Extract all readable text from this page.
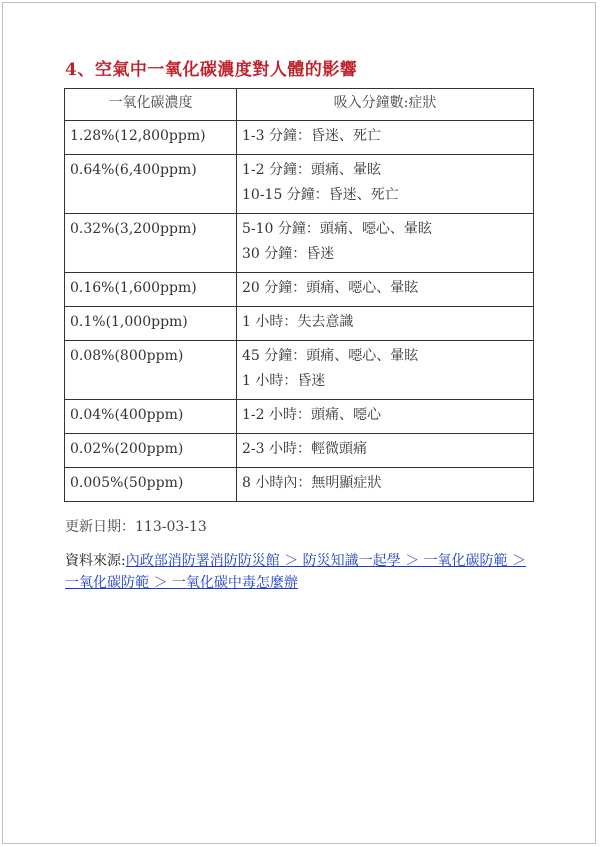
4、空氣中一氧化碳濃度對人體的影響
一氧化碳濃度	吸入分鐘數:症狀
1.28%(12,800ppm)	1-3 分鐘：昏迷、死亡

0.64%(6,400ppm)	1-2 分鐘：頭痛、暈眩
10-15 分鐘：昏迷、死亡

0.32%(3,200ppm)	5-10 分鐘：頭痛、噁心、暈眩
30 分鐘：昏迷

0.16%(1,600ppm)	20 分鐘：頭痛、噁心、暈眩

0.1%(1,000ppm)	1 小時：失去意識

0.08%(800ppm)	45 分鐘：頭痛、噁心、暈眩
1 小時：昏迷

0.04%(400ppm)	1-2 小時：頭痛、噁心

0.02%(200ppm)	2-3 小時：輕微頭痛

0.005%(50ppm)	8 小時內：無明顯症狀
更新日期：113-03-13
資料來源:內政部消防署消防防災館 ＞ 防災知識一起學 ＞ 一氧化碳防範 ＞ 一氧化碳防範 ＞ 一氧化碳中毒怎麼辦
